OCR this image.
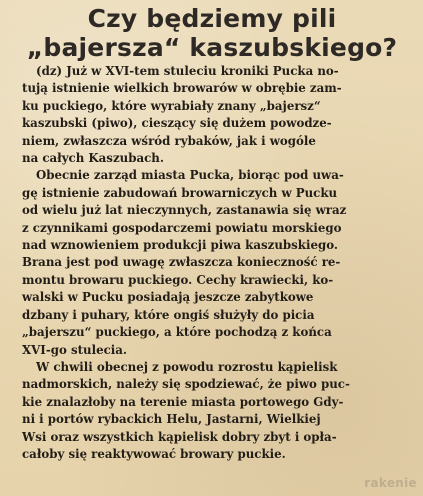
Czy będziemy pili
„bajersza“ kaszubskiego?

(dz) Już w XVI-tem stuleciu kroniki Pucka no-
tują istnienie wielkich browarów w obrębie zam-
ku puckiego, które wyrabiały znany „bajersz“
kaszubski (piwo), cieszący się dużem powodze-
niem, zwłaszcza wśród rybaków, jak i wogóle
na całych Kaszubach.

Obecnie zarząd miasta Pucka, biorąc pod uwa-
gę istnienie zabudowań browarniczych w Pucku
od wielu już lat nieczynnych, zastanawia się wraz
z czynnikami gospodarczemi powiatu morskiego
nad wznowieniem produkcji piwa kaszubskiego.
Brana jest pod uwagę zwłaszcza konieczność re-
montu browaru puckiego. Cechy krawiecki, ko-
walski w Pucku posiadają jeszcze zabytkowe
dzbany i puhary, które ongiś służyły do picia
„bajerszu“ puckiego, a które pochodzą z końca
XVI-go stulecia.

W chwili obecnej z powodu rozrostu kąpielisk
nadmorskich, należy się spodziewać, że piwo puc-
kie znalazłoby na terenie miasta portowego Gdy-
ni i portów rybackich Helu, Jastarni, Wielkiej
Wsi oraz wszystkich kąpielisk dobry zbyt i opła-
całoby się reaktywować browary puckie.

rakenie
